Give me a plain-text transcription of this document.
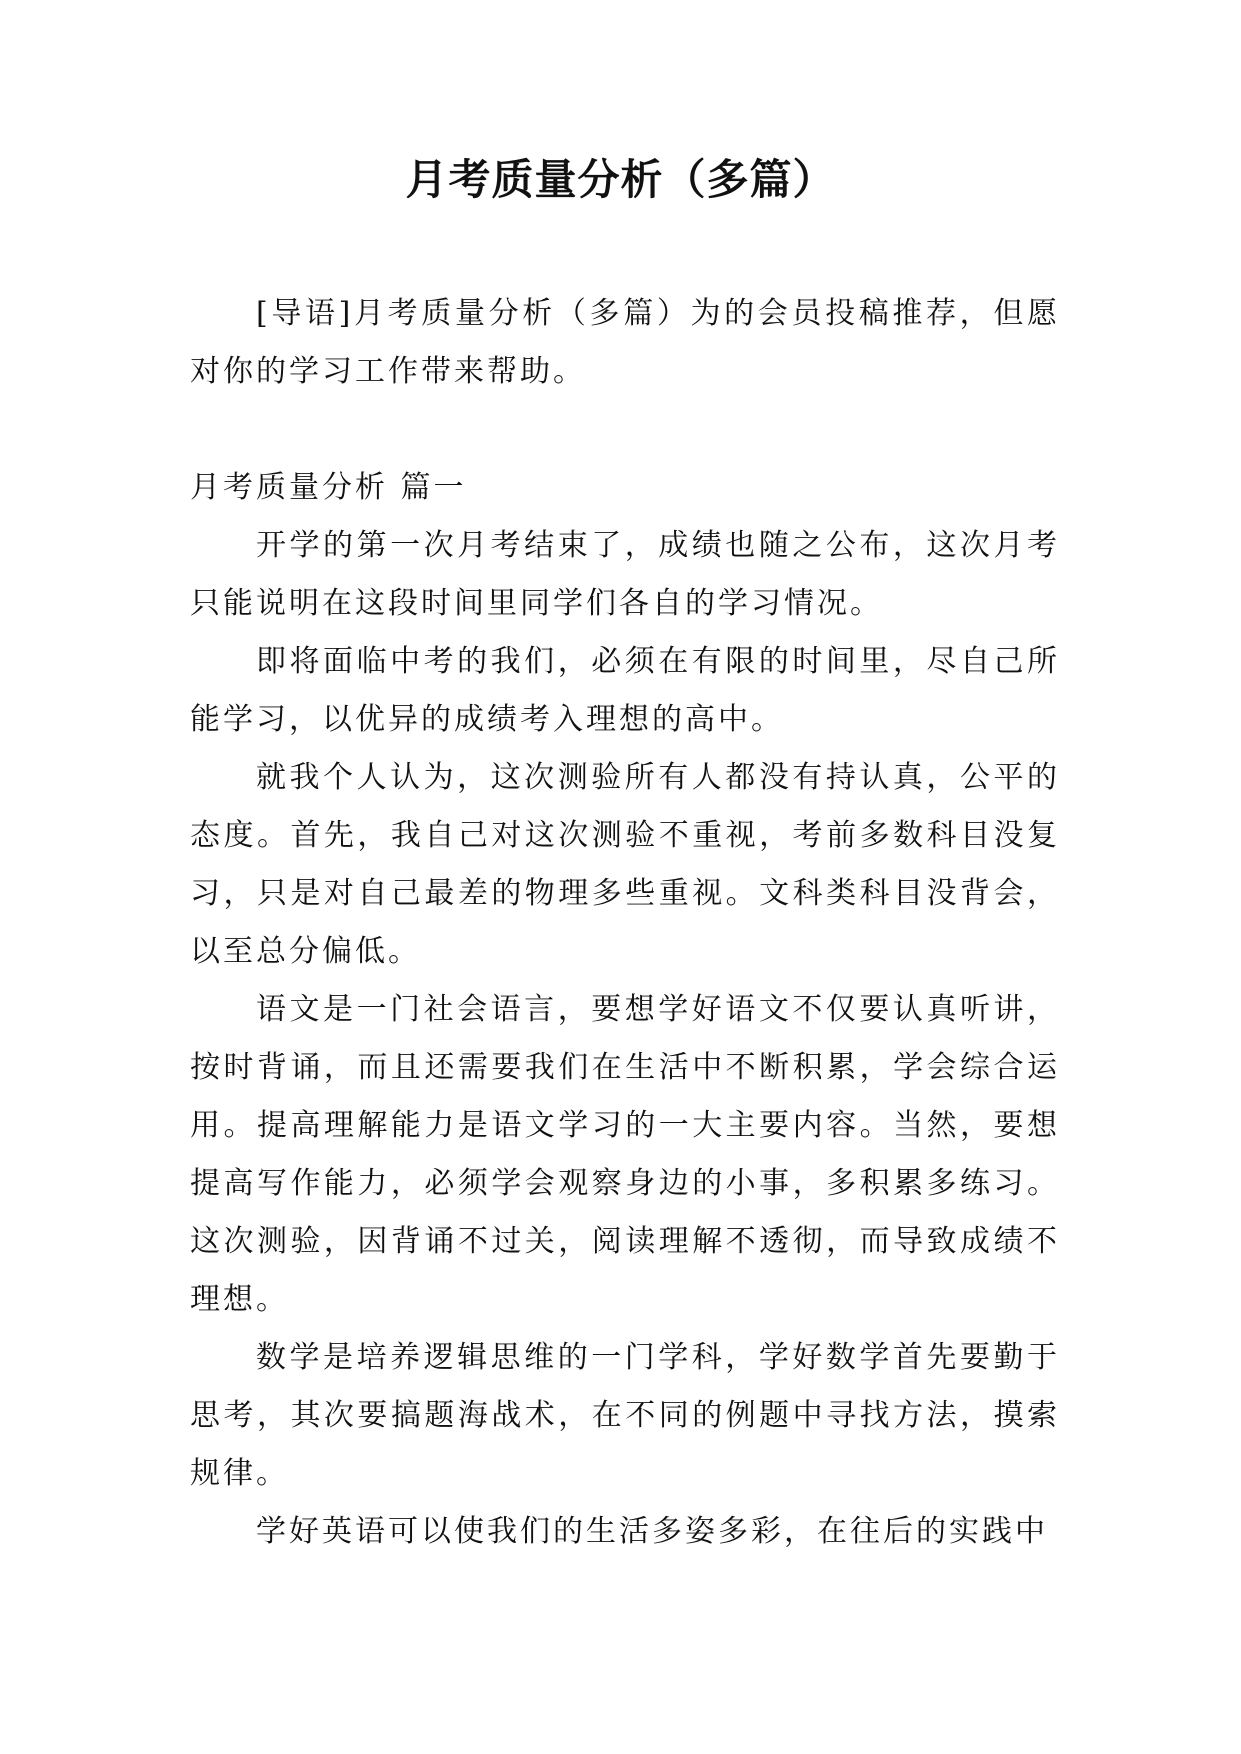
月考质量分析（多篇）

[导语]月考质量分析（多篇）为的会员投稿推荐，但愿对你的学习工作带来帮助。

月考质量分析 篇一

开学的第一次月考结束了，成绩也随之公布，这次月考只能说明在这段时间里同学们各自的学习情况。

即将面临中考的我们，必须在有限的时间里，尽自己所能学习，以优异的成绩考入理想的高中。

就我个人认为，这次测验所有人都没有持认真，公平的态度。首先，我自己对这次测验不重视，考前多数科目没复习，只是对自己最差的物理多些重视。文科类科目没背会，以至总分偏低。

语文是一门社会语言，要想学好语文不仅要认真听讲，按时背诵，而且还需要我们在生活中不断积累，学会综合运用。提高理解能力是语文学习的一大主要内容。当然，要想提高写作能力，必须学会观察身边的小事，多积累多练习。这次测验，因背诵不过关，阅读理解不透彻，而导致成绩不理想。

数学是培养逻辑思维的一门学科，学好数学首先要勤于思考，其次要搞题海战术，在不同的例题中寻找方法，摸索规律。

学好英语可以使我们的生活多姿多彩，在往后的实践中
